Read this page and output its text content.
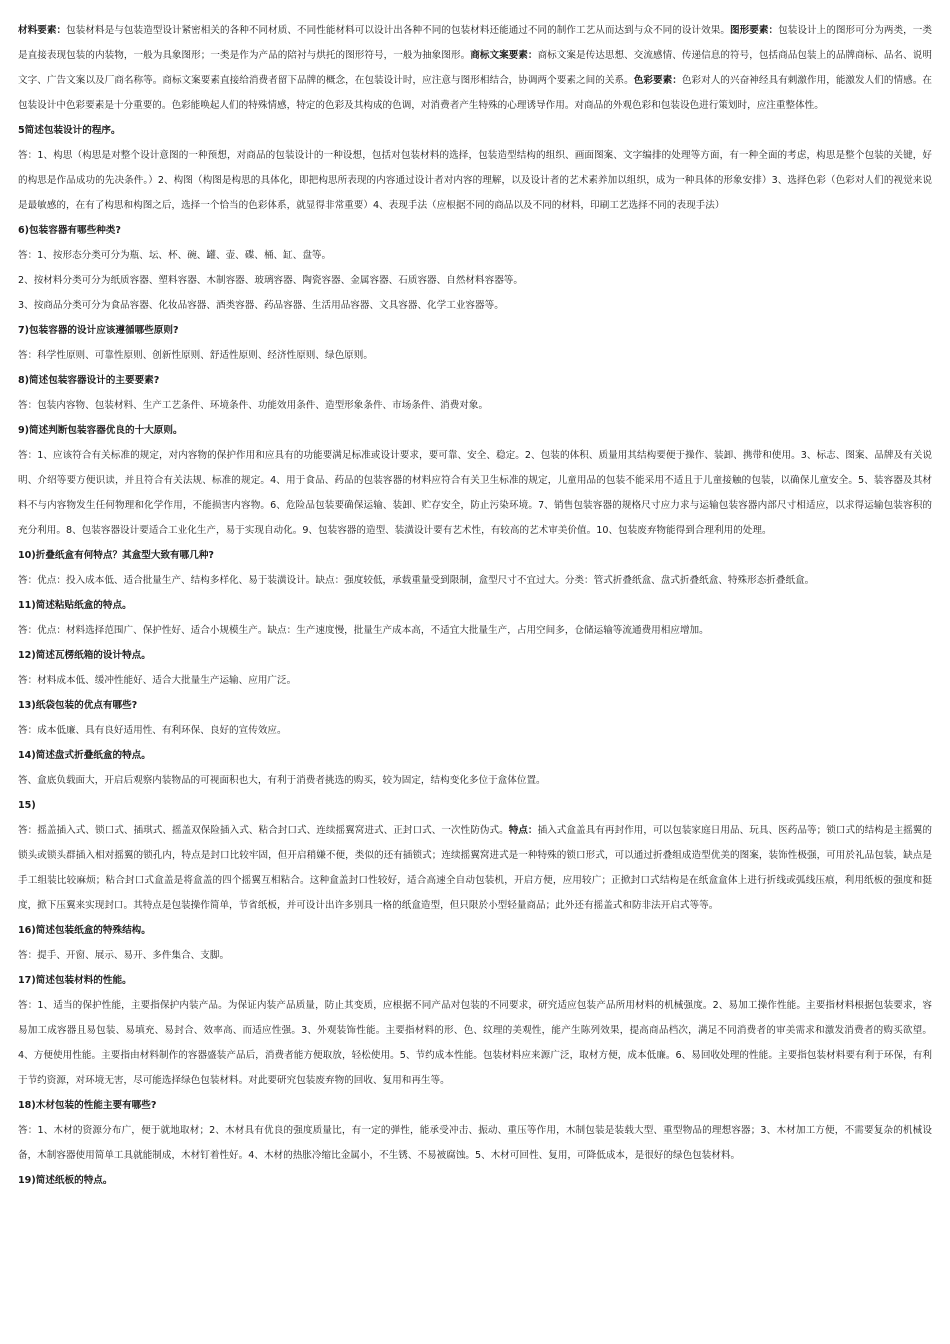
材料要素：包装材料是与包装造型设计紧密相关的各种不同材质、不同性能材料可以设计出各种不同的包装材料还能通过不同的制作工艺从而达到与众不同的设计效果。图形要素：包装设计上的图形可分为两类，一类是直接表现包装的内装物，一般为具象图形；一类是作为产品的陪衬与烘托的图形符号，一般为抽象图形。商标文案要素：商标文案是传达思想、交流感情、传递信息的符号，包括商品包装上的品牌商标、品名、说明文字、广告文案以及厂商名称等。商标文案要素直接给消费者留下品牌的概念，在包装设计时，应注意与图形相结合，协调两个要素之间的关系。色彩要素：色彩对人的兴奋神经具有刺激作用，能激发人们的情感。在包装设计中色彩要素是十分重要的。色彩能唤起人们的特殊情感，特定的色彩及其构成的色调，对消费者产生特殊的心理诱导作用。对商品的外观色彩和包装设色进行策划时，应注重整体性。

5简述包装设计的程序。

答：1、构思（构思是对整个设计意图的一种预想，对商品的包装设计的一种设想，包括对包装材料的选择，包装造型结构的组织、画面图案、文字编排的处理等方面，有一种全面的考虑，构思是整个包装的关键，好的构思是作品成功的先决条件。）2、构图（构图是构思的具体化，即把构思所表现的内容通过设计者对内容的理解，以及设计者的艺术素养加以组织，成为一种具体的形象安排）3、选择色彩（色彩对人们的视觉来说是最敏感的，在有了构思和构图之后，选择一个恰当的色彩体系，就显得非常重要）4、表现手法（应根据不同的商品以及不同的材料，印刷工艺选择不同的表现手法）

6)包装容器有哪些种类?

答：1、按形态分类可分为瓶、坛、杯、碗、罐、壶、碟、桶、缸、盘等。

2、按材料分类可分为纸质容器、塑料容器、木制容器、玻璃容器、陶瓷容器、金属容器、石质容器、自然材料容器等。

3、按商品分类可分为食品容器、化妆品容器、酒类容器、药品容器、生活用品容器、文具容器、化学工业容器等。

7)包装容器的设计应该遵循哪些原则?

答：科学性原则、可靠性原则、创新性原则、舒适性原则、经济性原则、绿色原则。

8)简述包装容器设计的主要要素?

答：包装内容物、包装材料、生产工艺条件、环境条件、功能效用条件、造型形象条件、市场条件、消费对象。

9)简述判断包装容器优良的十大原则。

答：1、应该符合有关标准的规定，对内容物的保护作用和应具有的功能要满足标准或设计要求，要可靠、安全、稳定。2、包装的体积、质量用其结构要便于操作、装卸、携带和使用。3、标志、图案、品牌及有关说明、介绍等要方便识读，并且符合有关法规、标准的规定。4、用于食品、药品的包装容器的材料应符合有关卫生标准的规定，儿童用品的包装不能采用不适且于儿童接触的包装，以确保儿童安全。5、装容器及其材料不与内容物发生任何物理和化学作用，不能损害内容物。6、危险品包装要确保运输、装卸、贮存安全，防止污染环境。7、销售包装容器的规格尺寸应力求与运输包装容器内部尺寸相适应，以求得运输包装容积的充分利用。8、包装容器设计要适合工业化生产，易于实现自动化。9、包装容器的造型、装潢设计要有艺术性，有较高的艺术审美价值。10、包装废弃物能得到合理利用的处理。

10)折叠纸盒有何特点？其盒型大致有哪几种?

答：优点：投入成本低、适合批量生产、结构多样化、易于装潢设计。缺点：强度较低，承载重量受到限制，盒型尺寸不宜过大。分类：管式折叠纸盒、盘式折叠纸盒、特殊形态折叠纸盒。

11)简述粘贴纸盒的特点。

答：优点：材料选择范围广、保护性好、适合小规模生产。缺点：生产速度慢，批量生产成本高，不适宜大批量生产，占用空间多，仓储运输等流通费用相应增加。

12)简述瓦楞纸箱的设计特点。

答：材料成本低、缓冲性能好、适合大批量生产运输、应用广泛。

13)纸袋包装的优点有哪些?

答：成本低廉、具有良好适用性、有利环保、良好的宣传效应。

14)简述盘式折叠纸盒的特点。

答、盒底负载面大，开启后观察内装物品的可视面积也大，有利于消费者挑选的购买，较为固定，结构变化多位于盒体位置。

15)

答：摇盖插入式、锁口式、插琪式、摇盖双保险插入式、粘合封口式、连续摇翼窝进式、正封口式、一次性防伪式。特点：插入式盒盖具有再封作用，可以包装家庭日用品、玩具、医药品等；锁口式的结构是主摇翼的锁头或锁头群插入相对摇翼的锁孔内，特点是封口比较牢固，但开启稍嫌不便，类似的还有插锁式；连续摇翼窝进式是一种特殊的锁口形式，可以通过折叠组成造型优美的图案，装饰性极强，可用於礼品包装，缺点是手工组装比较麻烦；粘合封口式盒盖是将盒盖的四个摇翼互相粘合。这种盒盖封口性较好，适合高速全自动包装机，开启方便，应用较广；正掀封口式结构是在纸盒盒体上进行折线或弧线压痕，利用纸板的强度和挺度，掀下压翼来实现封口。其特点是包装操作简单，节省纸板，并可设计出许多别具一格的纸盒造型，但只限於小型轻量商品；此外还有摇盖式和防非法开启式等等。

16)简述包装纸盒的特殊结构。

答：提手、开窗、展示、易开、多件集合、支脚。

17)简述包装材料的性能。

答：1、适当的保护性能，主要指保护内装产品。为保证内装产品质量，防止其变质，应根据不同产品对包装的不同要求，研究适应包装产品所用材料的机械强度。2、易加工操作性能。主要指材料根据包装要求，容易加工成容器且易包装、易填充、易封合、效率高、而适应性强。3、外观装饰性能。主要指材料的形、色、纹理的美观性，能产生陈列效果，提高商品档次，满足不同消费者的审美需求和激发消费者的购买欲望。4、方便使用性能。主要指由材料制作的容器盛装产品后，消费者能方便取放，轻松使用。5、节约成本性能。包装材料应来源广泛，取材方便，成本低廉。6、易回收处理的性能。主要指包装材料要有利于环保，有利于节约资源，对环境无害，尽可能选择绿色包装材料。对此要研究包装废弃物的回收、复用和再生等。

18)木材包装的性能主要有哪些?

答：1、木材的资源分布广，便于就地取材；2、木材具有优良的强度质量比，有一定的弹性，能承受冲击、振动、重压等作用，木制包装是装载大型、重型物品的理想容器；3、木材加工方便，不需要复杂的机械设备，木制容器使用简单工具就能制成，木材钉着性好。4、木材的热胀冷缩比金属小，不生锈、不易被腐蚀。5、木材可回性、复用，可降低成本，是很好的绿色包装材料。

19)简述纸板的特点。
